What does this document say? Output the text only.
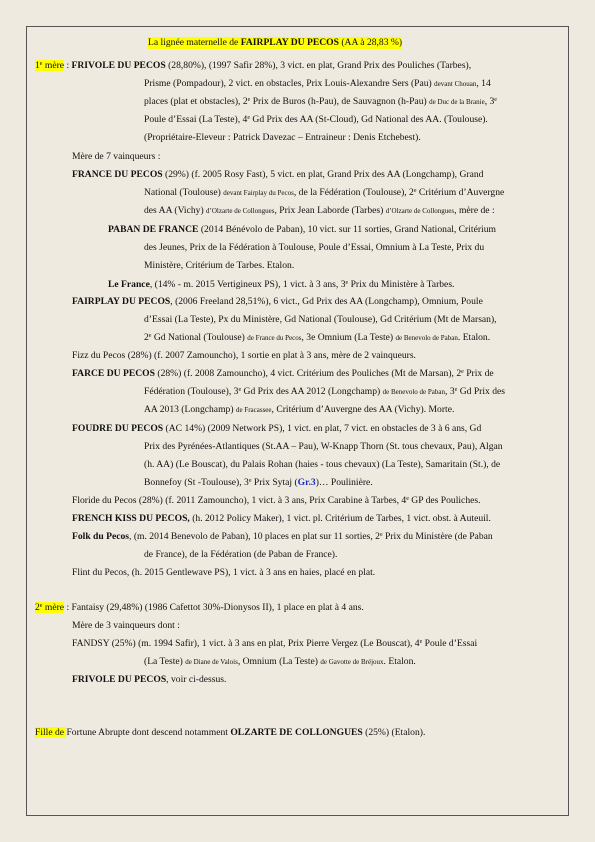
La lignée maternelle de FAIRPLAY DU PECOS (AA à 28,83 %)
1e mère : FRIVOLE DU PECOS (28,80%), (1997 Safir 28%), 3 vict. en plat, Grand Prix des Pouliches (Tarbes),
Prisme (Pompadour), 2 vict. en obstacles, Prix Louis-Alexandre Sers (Pau) devant Chouan, 14
places (plat et obstacles), 2e Prix de Buros (h-Pau), de Sauvagnon (h-Pau) de Duc de la Branie, 3e
Poule d’Essai (La Teste), 4e Gd Prix des AA (St-Cloud), Gd National des AA. (Toulouse).
(Propriétaire-Eleveur : Patrick Davezac – Entraineur : Denis Etchebest).
Mère de 7 vainqueurs :
FRANCE DU PECOS (29%) (f. 2005 Rosy Fast), 5 vict. en plat, Grand Prix des AA (Longchamp), Grand
National (Toulouse) devant Fairplay du Pecos, de la Fédération (Toulouse), 2e Critérium d’Auvergne
des AA (Vichy) d’Olzarte de Collongues, Prix Jean Laborde (Tarbes) d’Olzarte de Collongues, mère de :
PABAN DE FRANCE (2014 Bénévolo de Paban), 10 vict. sur 11 sorties, Grand National, Critérium
des Jeunes, Prix de la Fédération à Toulouse, Poule d’Essai, Omnium à La Teste, Prix du
Ministère, Critérium de Tarbes. Etalon.
Le France, (14% - m. 2015 Vertigineux PS), 1 vict. à 3 ans, 3e Prix du Ministère à Tarbes.
FAIRPLAY DU PECOS, (2006 Freeland 28,51%), 6 vict., Gd Prix des AA (Longchamp), Omnium, Poule
d’Essai (La Teste), Px du Ministère, Gd National (Toulouse), Gd Critérium (Mt de Marsan),
2e Gd National (Toulouse) de France du Pecos, 3e Omnium (La Teste) de Benevolo de Paban. Etalon.
Fizz du Pecos (28%) (f. 2007 Zamouncho), 1 sortie en plat à 3 ans, mère de 2 vainqueurs.
FARCE DU PECOS (28%) (f. 2008 Zamouncho), 4 vict. Critérium des Pouliches (Mt de Marsan), 2e Prix de
Fédération (Toulouse), 3e Gd Prix des AA 2012 (Longchamp) de Benevolo de Paban, 3e Gd Prix des
AA 2013 (Longchamp) de Fracassee, Critérium d’Auvergne des AA (Vichy). Morte.
FOUDRE DU PECOS (AC 14%) (2009 Network PS), 1 vict. en plat, 7 vict. en obstacles de 3 à 6 ans, Gd
Prix des Pyrénées-Atlantiques (St.AA – Pau), W-Knapp Thorn (St. tous chevaux, Pau), Algan
(h. AA) (Le Bouscat), du Palais Rohan (haies - tous chevaux) (La Teste), Samaritain (St.), de
Bonnefoy (St -Toulouse), 3e Prix Sytaj (Gr.3)… Poulinière.
Floride du Pecos (28%) (f. 2011 Zamouncho), 1 vict. à 3 ans, Prix Carabine à Tarbes, 4e GP des Pouliches.
FRENCH KISS DU PECOS, (h. 2012 Policy Maker), 1 vict. pl. Critérium de Tarbes, 1 vict. obst. à Auteuil.
Folk du Pecos, (m. 2014 Benevolo de Paban), 10 places en plat sur 11 sorties, 2e Prix du Ministère (de Paban
de France), de la Fédération (de Paban de France).
Flint du Pecos, (h. 2015 Gentlewave PS), 1 vict. à 3 ans en haies, placé en plat.
2e mère : Fantaisy (29,48%) (1986 Cafettot 30%-Dionysos II), 1 place en plat à 4 ans.
Mère de 3 vainqueurs dont :
FANDSY (25%) (m. 1994 Safir), 1 vict. à 3 ans en plat, Prix Pierre Vergez (Le Bouscat), 4e Poule d’Essai
(La Teste) de Diane de Valois, Omnium (La Teste) de Gavotte de Bréjoux. Etalon.
FRIVOLE DU PECOS, voir ci-dessus.
Fille de Fortune Abrupte dont descend notamment OLZARTE DE COLLONGUES (25%) (Etalon).
